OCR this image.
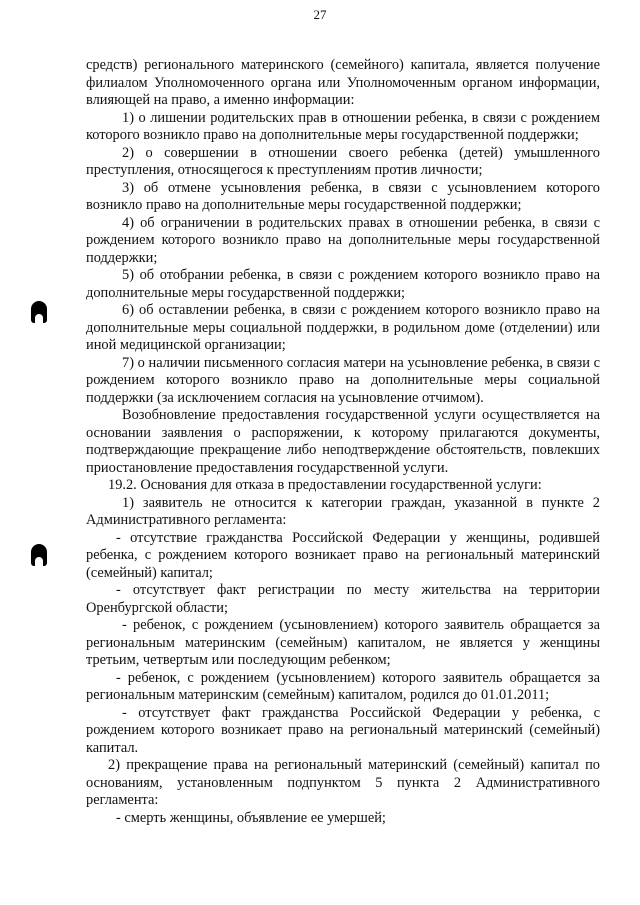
27

средств) регионального материнского (семейного) капитала, является получение филиалом Уполномоченного органа или Уполномоченным органом информации, влияющей на право, а именно информации:

1) о лишении родительских прав в отношении ребенка, в связи с рождением которого возникло право на дополнительные меры государственной поддержки;

2) о совершении в отношении своего ребенка (детей) умышленного преступления, относящегося к преступлениям против личности;

3) об отмене усыновления ребенка, в связи с усыновлением которого возникло право на дополнительные меры государственной поддержки;

4) об ограничении в родительских правах в отношении ребенка, в связи с рождением которого возникло право на дополнительные меры государственной поддержки;

5) об отобрании ребенка, в связи с рождением которого возникло право на дополнительные меры государственной поддержки;

6) об оставлении ребенка, в связи с рождением которого возникло право на дополнительные меры социальной поддержки, в родильном доме (отделении) или иной медицинской организации;

7) о наличии письменного согласия матери на усыновление ребенка, в связи с рождением которого возникло право на дополнительные меры социальной поддержки (за исключением согласия на усыновление отчимом).

Возобновление предоставления государственной услуги осуществляется на основании заявления о распоряжении, к которому прилагаются документы, подтверждающие прекращение либо неподтверждение обстоятельств, повлекших приостановление предоставления государственной услуги.

19.2. Основания для отказа в предоставлении государственной услуги:

1) заявитель не относится к категории граждан, указанной в пункте 2 Административного регламента:

- отсутствие гражданства Российской Федерации у женщины, родившей ребенка, с рождением которого возникает право на региональный материнский (семейный) капитал;

- отсутствует факт регистрации по месту жительства на территории Оренбургской области;

- ребенок, с рождением (усыновлением) которого заявитель обращается за региональным материнским (семейным) капиталом, не является у женщины третьим, четвертым или последующим ребенком;

- ребенок, с рождением (усыновлением) которого заявитель обращается за региональным материнским (семейным) капиталом, родился до 01.01.2011;

- отсутствует факт гражданства Российской Федерации у ребенка, с рождением которого возникает право на региональный материнский (семейный) капитал.

2) прекращение права на региональный материнский (семейный) капитал по основаниям, установленным подпунктом 5 пункта 2 Административного регламента:

- смерть женщины, объявление ее умершей;
